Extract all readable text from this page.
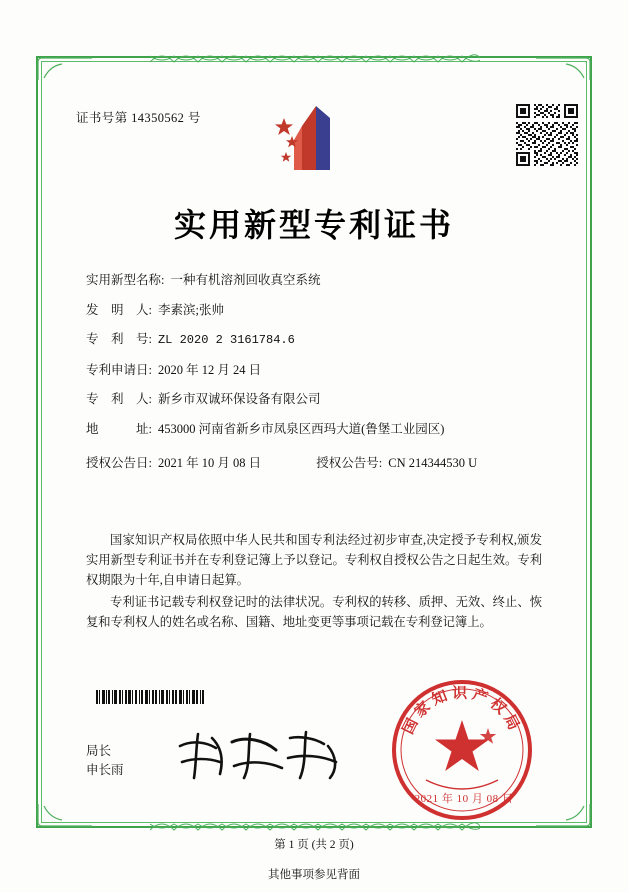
证书号第 14350562 号
实用新型专利证书
实用新型名称: 一种有机溶剂回收真空系统
发　明　人: 李素滨;张帅
专　利　号: ZL 2020 2 3161784.6
专利申请日: 2020 年 12 月 24 日
专　利　人: 新乡市双诚环保设备有限公司
地　　　址: 453000 河南省新乡市凤泉区西玛大道(鲁堡工业园区)
授权公告日: 2021 年 10 月 08 日	授权公告号: CN 214344530 U

国家知识产权局依照中华人民共和国专利法经过初步审查,决定授予专利权,颁发实用新型专利证书并在专利登记簿上予以登记。专利权自授权公告之日起生效。专利权期限为十年,自申请日起算。

专利证书记载专利权登记时的法律状况。专利权的转移、质押、无效、终止、恢复和专利权人的姓名或名称、国籍、地址变更等事项记载在专利登记簿上。

国家知识产权局
2021 年 10 月 08 日
局长
申长雨
第 1 页 (共 2 页)
其他事项参见背面
